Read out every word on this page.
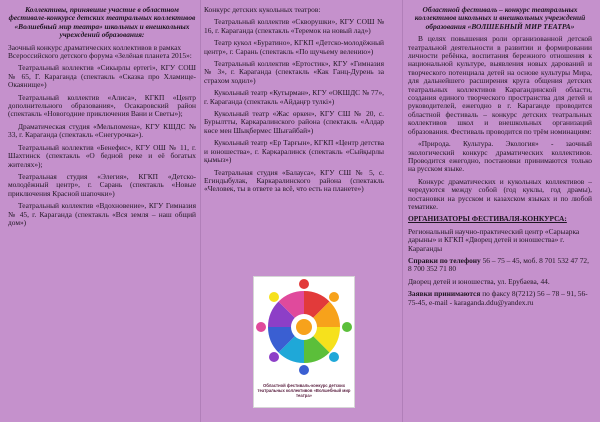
Коллективы, принявшие участие в областном фестивале-конкурсе детских театральных коллективов «Волшебный мир театра» школьных и внешкольных учреждений образования:

Заочный конкурс драматических коллективов в рамках Всероссийского детского форума «Зелёная планета 2015»:

Театральный коллектив «Сикырлы ертегі», КГУ СОШ № 65, Г. Караганда (спектакль «Сказка про Хламище-Окаянище»)

Театральный коллектив «Алиса», КГКП «Центр дополнительного образования», Осакаровский район (спектакль «Новогодние приключения Вани и Светы»);

Драматическая студия «Мельпомена», КГУ КШДС № 33, г. Караганда (спектакль «Снегурочка»).

Театральный коллектив «Бенефис», КГУ ОШ № 11, г. Шахтинск (спектакль «О бедной реке и её богатых жителях»);

Театральная студия «Элегия», КГКП «Детско-молодёжный центр», г. Сарань (спектакль «Новые приключения Красной шапочки»)

Театральный коллектив «Вдохновение», КГУ Гимназия № 45, г. Караганда (спектакль «Вся земля – наш общий дом»)

Конкурс детских кукольных театров:

Театральный коллектив «Скворушки», КГУ СОШ № 16, г. Караганда (спектакль «Теремок на новый лад»)

Театр кукол «Буратино», КГКП «Детско-молодёжный центр», г. Сарань (спектакль «По щучьему велению»)

Театральный коллектив «Ертостик», КГУ «Гимназия № 3», г. Караганда (спектакль «Как Ганц-Дурень за страхом ходил»)

Кукольный театр «Кутырман», КГУ «ОКШДС № 77», г. Караганда (спектакль «Айдаңғр тулкі»)

Кукольный театр «Жас өркен», КГУ СШ № 20, с. Бурылтты, Каркаралинского района (спектакль «Алдар көсе мен Шықбермес Шығайбай»)

Кукольный театр «Ер Тарғын», КГКП «Центр детства и юношества», г. Каркаралинск (спектакль «Сыйқырлы қымыз»)

Театральная студия «Балауса», КГУ СШ № 5, с. Егиндыбулак, Каркаралинского района (спектакль «Человек, ты в ответе за всё, что есть на планете»)

Областной фестиваль-конкурс детских театральных коллективов «Волшебный мир театра»

Областной фестиваль – конкурс театральных коллективов школьных и внешкольных учреждений образования «ВОЛШЕБНЫЙ МИР ТЕАТРА»

В целях повышения роли организованной детской театральной деятельности в развитии и формировании личности ребёнка, воспитания бережного отношения к национальной культуре, выявления новых дарований и творческого потенциала детей на основе культуры Мира, для дальнейшего расширения круга общения детских театральных коллективов Карагандинской области, создания единого творческого пространства для детей и руководителей, ежегодно в г. Караганде проводится областной фестиваль – конкурс детских театральных коллективов школ и внешкольных организаций образования. Фестиваль проводится по трём номинациям:

«Природа. Культура. Экология» - заочный экологический конкурс драматических коллективов. Проводится ежегодно, постановки принимаются только на русском языке.

Конкурс драматических и кукольных коллективов – чередуются между собой (год куклы, год драмы), постановки на русском и казахском языках и по любой тематике.

ОРГАНИЗАТОРЫ ФЕСТИВАЛЯ-КОНКУРСА:

Региональный научно-практический центр «Сарыарка дарыны» и КГКП «Дворец детей и юношества» г. Караганды

Справки по телефону 56 – 75 – 45, моб. 8 701 532 47 72, 8 700 352 71 80

Дворец детей и юношества, ул. Ерубаева, 44.

Заявки принимаются по факсу 8(7212) 56 – 78 – 91, 56-75-45, e-mail - karaganda.ddu@yandex.ru
